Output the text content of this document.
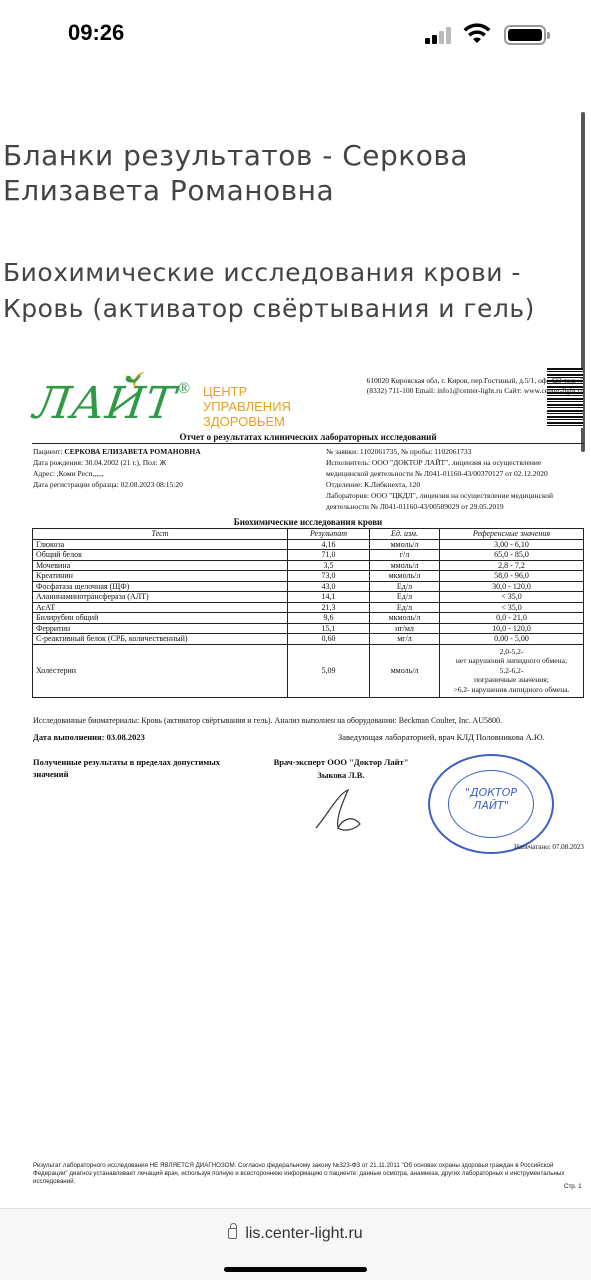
09:26
Бланки результатов - Серкова Елизавета Романовна
Биохимические исследования крови - Кровь (активатор свёртывания и гель)
ЛАЙТ
® ЦЕНТР
УПРАВЛЕНИЯ
ЗДОРОВЬЕМ
610020 Кировская обл, г. Киров, пер.Гостиный, д.5/1, оф. 423 тел:+7 (8332) 711-100 Email: info1@center-light.ru Сайт: www.center-light.ru
Отчет о результатах клинических лабораторных исследований
Пациент: СЕРКОВА ЕЛИЗАВЕТА РОМАНОВНА
Дата рождения: 30.04.2002 (21 г.), Пол: Ж
Адрес: ,Коми Респ,,,,,,
Дата регистрации образца: 02.08.2023 08:15:20
№ заявки: 1102061735, № пробы: 1102061733
Исполнитель: ООО "ДОКТОР ЛАЙТ", лицензия на осуществление медицинской деятельности № Л041-01160-43/00370127 от 02.12.2020
Отделение: К.Либкнехта, 120
Лаборатория: ООО "ЦКДЛ", лицензия на осуществление медицинской деятельности № Л041-01160-43/00589029 от 29.05.2019
Биохимические исследования крови
Тест	Результат	Ед. изм.	Референсные значения
Глюкоза	4,16	ммоль/л	3,00 - 6,10
Общий белок	71,0	г/л	65,0 - 85,0
Мочевина	3,5	ммоль/л	2,8 - 7,2
Креатинин	73,0	мкмоль/л	58,0 - 96,0
Фосфатаза щелочная (ЩФ)	43,0	Ед/л	30,0 - 120,0
Аланинаминотрансфераза (АЛТ)	14,1	Ед/л	< 35,0
АсАТ	21,3	Ед/л	< 35,0
Билирубин общий	9,6	мкмоль/л	0,0 - 21,0
Ферритин	15,1	нг/мл	10,0 - 120,0
С-реактивный белок (СРБ, количественный)	0,60	мг/л	0,00 - 5,00
Холестерин	5,09	ммоль/л	2,0-5,2-
нет нарушений липидного обмена;
5,2-6,2-
пограничные значения;
>6,2- нарушения липидного обмена.
Исследованные биоматериалы: Кровь (активатор свёртывания и гель). Анализ выполнен на оборудовании: Beckman Coulter, Inc. AU5800.
Дата выполнения: 03.08.2023	Заведующая лабораторией, врач КЛД Половникова А.Ю.
Полученные результаты в пределах допустимых значений
Врач-эксперт ООО "Доктор Лайт"
Зыкова Л.В.
"ДОКТОР ЛАЙТ"
Напечатано: 07.08.2023
Результат лабораторного исследования НЕ ЯВЛЯЕТСЯ ДИАГНОЗОМ. Согласно федеральному закону №323-ФЗ от 21.11.2011 "Об основах охраны здоровья граждан в Российской Федерации" диагноз устанавливает лечащий врач, используя полную и всестороннюю информацию о пациенте: данные осмотра, анамнеза, других лабораторных и инструментальных исследований.
Стр. 1
lis.center-light.ru
